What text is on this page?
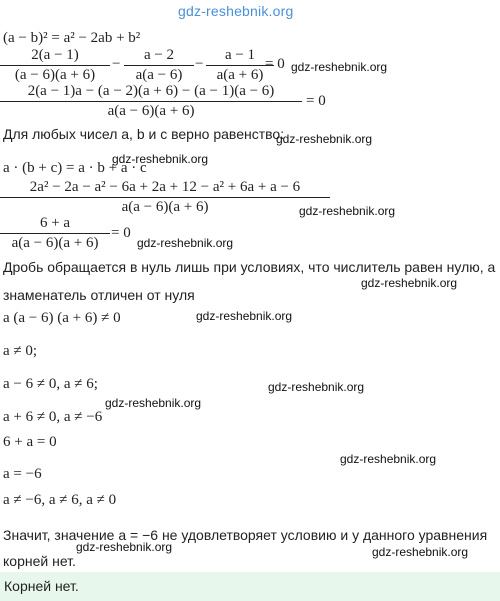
gdz-reshebnik.org
(a − b)² = a² − 2ab + b²
2(a − 1)
(a − 6)(a + 6)
−
a − 2
a(a − 6)
−
a − 1
a(a + 6)
= 0 gdz-reshebnik.org
2(a − 1)a − (a − 2)(a + 6) − (a − 1)(a − 6)
a(a − 6)(a + 6)
= 0
Для любых чисел a, b и c верно равенство:
gdz-reshebnik.org
gdz-reshebnik.org
a · (b + c) = a · b + a · c
2a² − 2a − a² − 6a + 2a + 12 − a² + 6a + a − 6
a(a − 6)(a + 6)	gdz-reshebnik.org
6 + a
a(a − 6)(a + 6)
= 0
gdz-reshebnik.org
Дробь обращается в нуль лишь при условиях, что числитель равен нулю, а
gdz-reshebnik.org
знаменатель отличен от нуля
a (a − 6) (a + 6) ≠ 0	gdz-reshebnik.org
a ≠ 0;
a − 6 ≠ 0, a ≠ 6;	gdz-reshebnik.org
gdz-reshebnik.org
a + 6 ≠ 0, a ≠ −6
6 + a = 0
gdz-reshebnik.org
a = −6
a ≠ −6, a ≠ 6, a ≠ 0
Значит, значение a = −6 не удовлетворяет условию и у данного уравнения
gdz-reshebnik.org	gdz-reshebnik.org
корней нет.
Корней нет.
